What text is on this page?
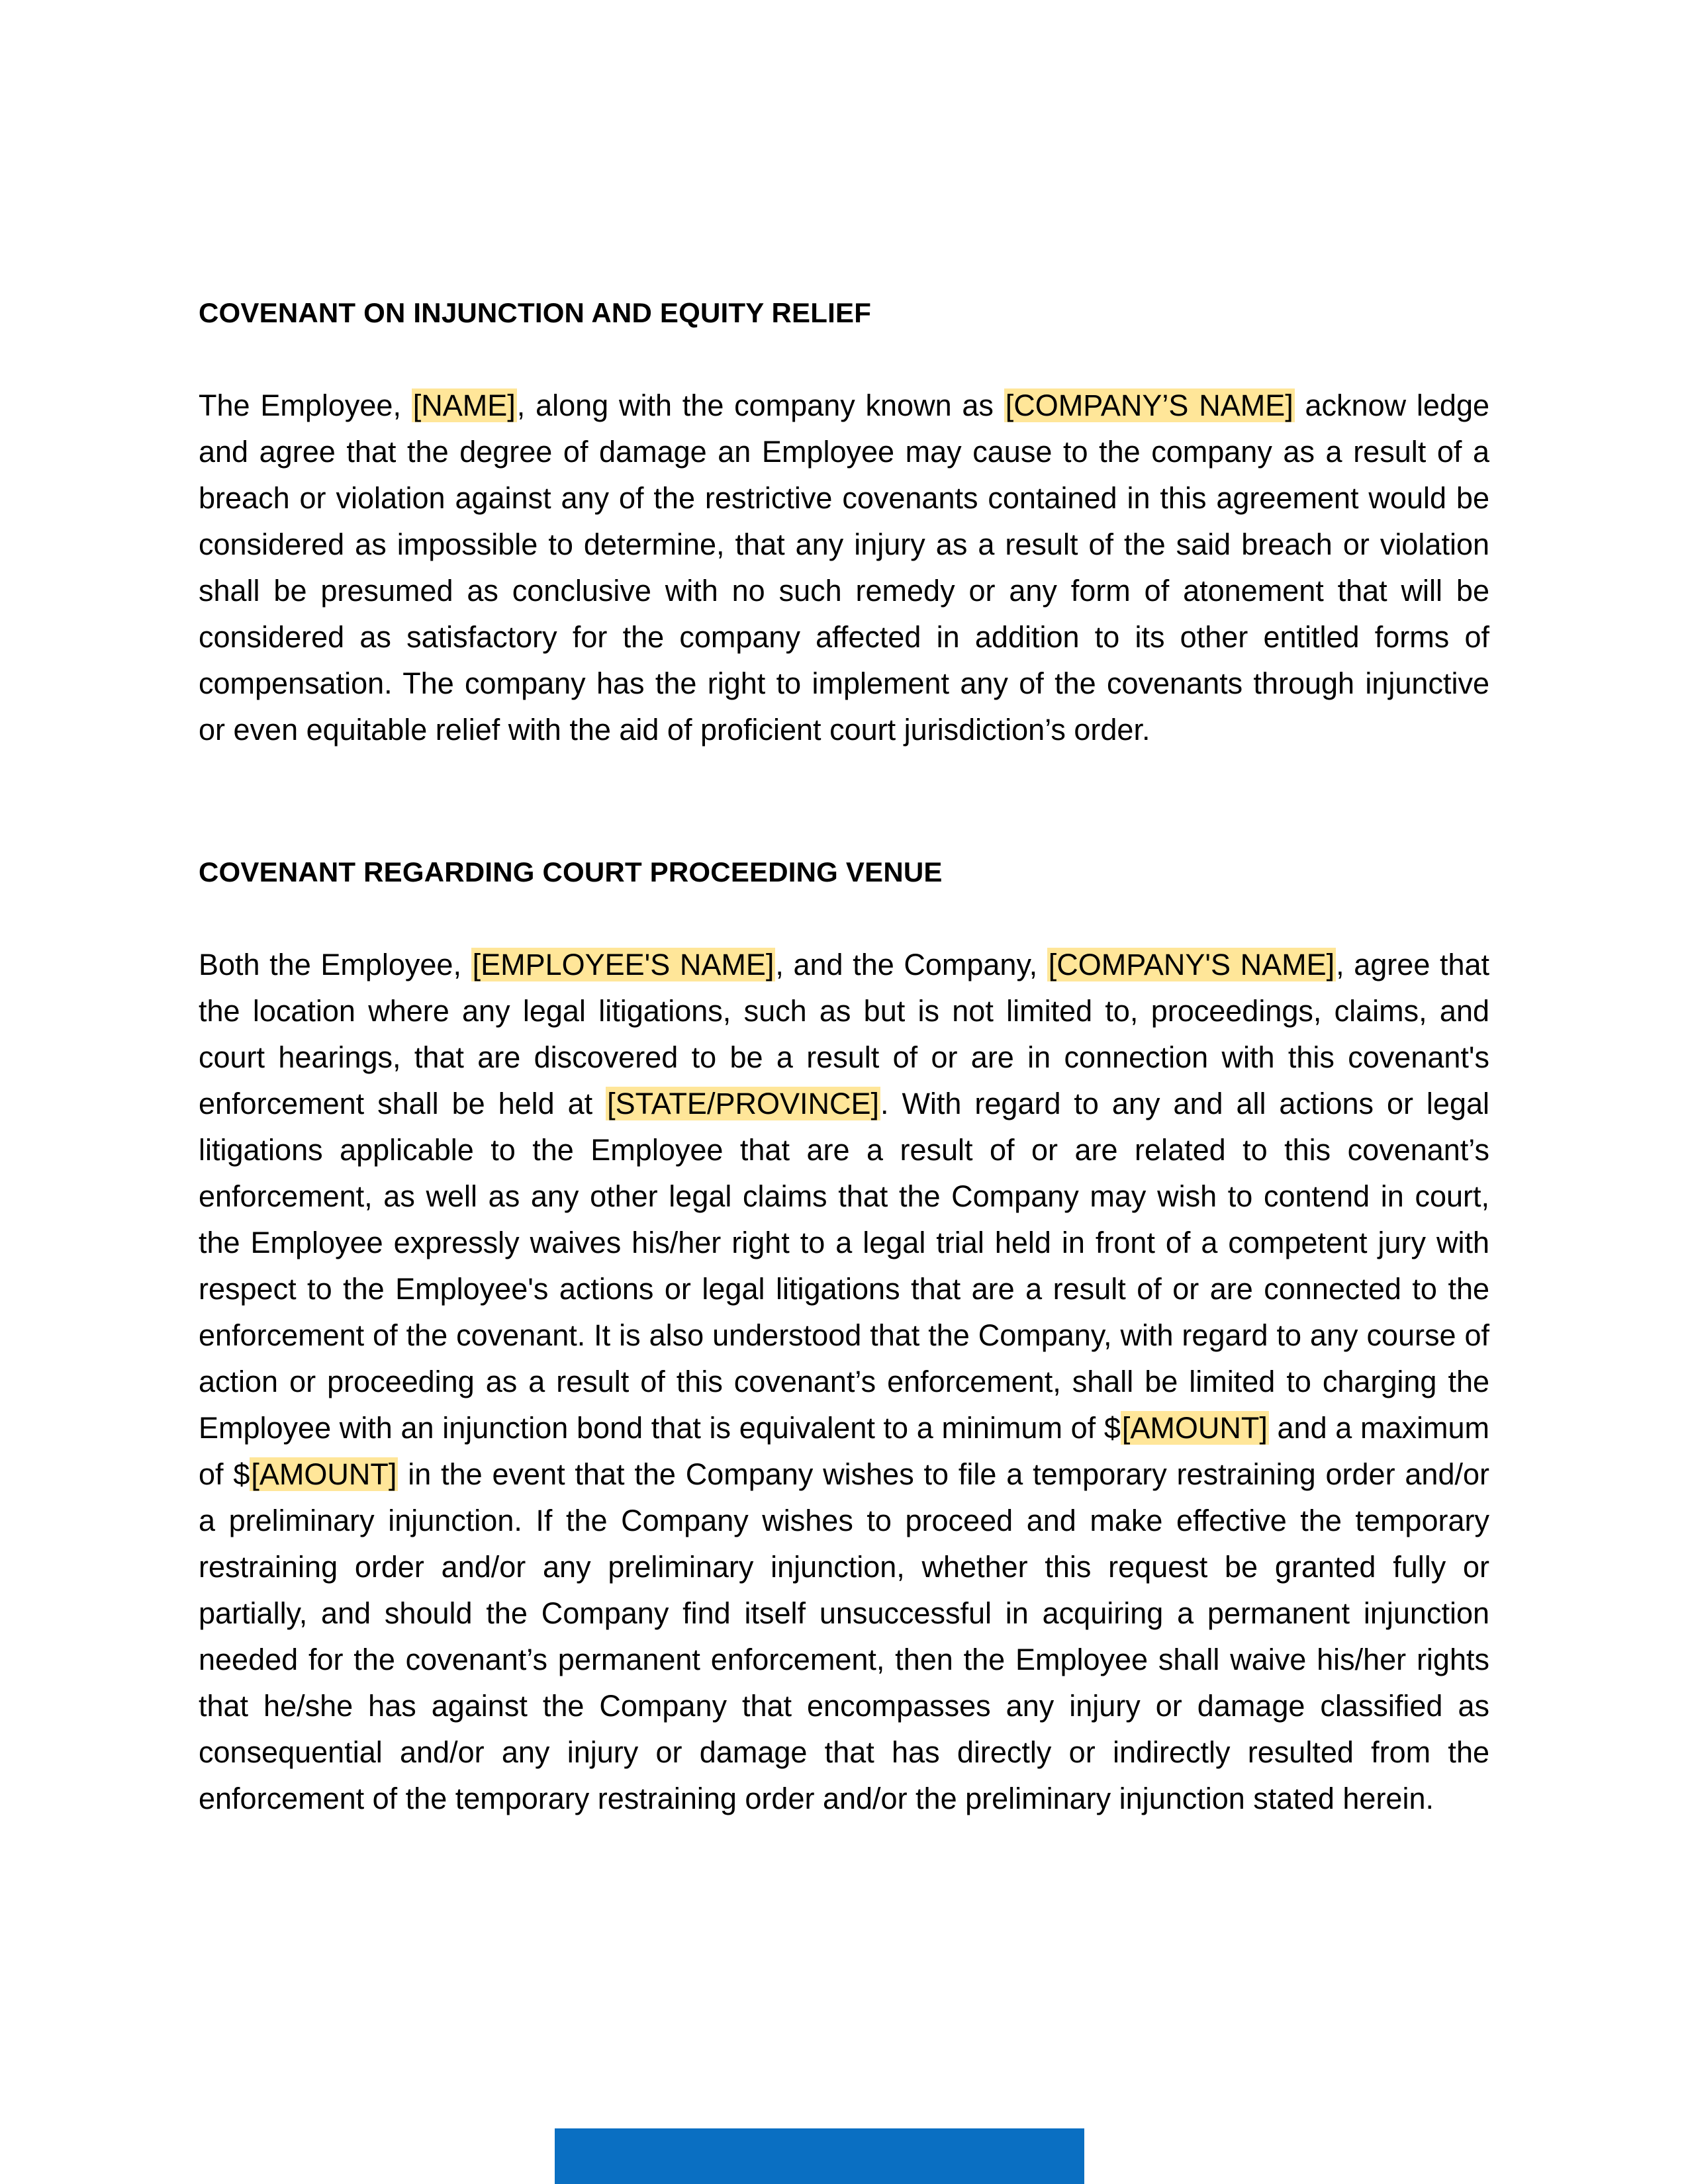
COVENANT ON INJUNCTION AND EQUITY RELIEF

The Employee, [NAME], along with the company known as [COMPANY’S NAME] acknow ledge and agree that the degree of damage an Employee may cause to the company as a result of a breach or violation against any of the restrictive covenants contained in this agreement would be considered as impossible to determine, that any injury as a result of the said breach or violation shall be presumed as conclusive with no such remedy or any form of atonement that will be considered as satisfactory for the company affected in addition to its other entitled forms of compensation. The company has the right to implement any of the covenants through injunctive or even equitable relief with the aid of proficient court jurisdiction’s order.

COVENANT REGARDING COURT PROCEEDING VENUE

Both the Employee, [EMPLOYEE'S NAME], and the Company, [COMPANY'S NAME], agree that the location where any legal litigations, such as but is not limited to, proceedings, claims, and court hearings, that are discovered to be a result of or are in connection with this covenant's enforcement shall be held at [STATE/PROVINCE]. With regard to any and all actions or legal litigations applicable to the Employee that are a result of or are related to this covenant’s enforcement, as well as any other legal claims that the Company may wish to contend in court, the Employee expressly waives his/her right to a legal trial held in front of a competent jury with respect to the Employee's actions or legal litigations that are a result of or are connected to the enforcement of the covenant. It is also understood that the Company, with regard to any course of action or proceeding as a result of this covenant’s enforcement, shall be limited to charging the Employee with an injunction bond that is equivalent to a minimum of $[AMOUNT] and a maximum of $[AMOUNT] in the event that the Company wishes to file a temporary restraining order and/or a preliminary injunction. If the Company wishes to proceed and make effective the temporary restraining order and/or any preliminary injunction, whether this request be granted fully or partially, and should the Company find itself unsuccessful in acquiring a permanent injunction needed for the covenant’s permanent enforcement, then the Employee shall waive his/her rights that he/she has against the Company that encompasses any injury or damage classified as consequential and/or any injury or damage that has directly or indirectly resulted from the enforcement of the temporary restraining order and/or the preliminary injunction stated herein.
